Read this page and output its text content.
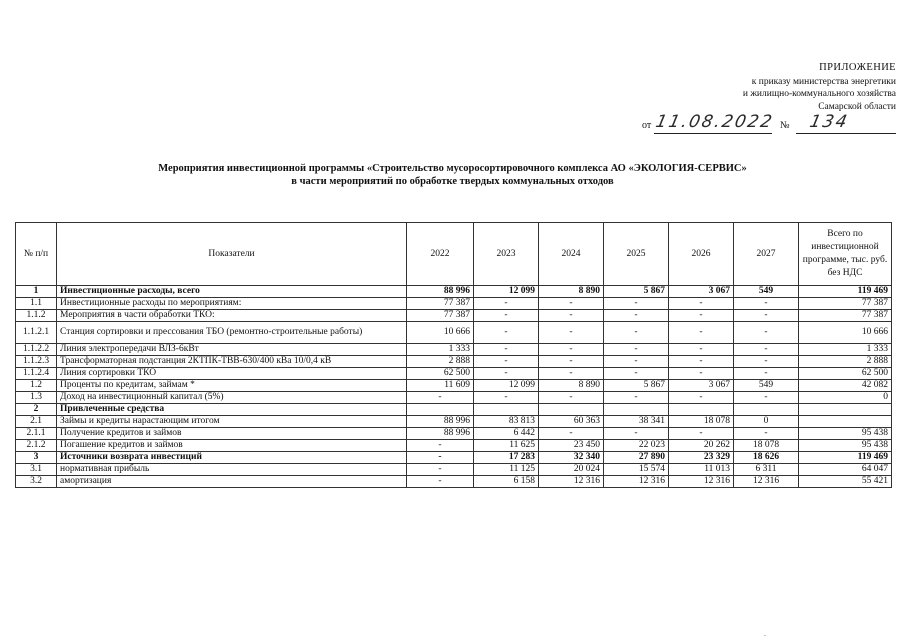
ПРИЛОЖЕНИЕ
к приказу министерства энергетики
и жилищно-коммунального хозяйства
Самарской области
от 11.08.2022 № 134
Мероприятия инвестиционной программы «Строительство мусоросортировочного комплекса АО «ЭКОЛОГИЯ-СЕРВИС»
в части мероприятий по обработке твердых коммунальных отходов
№ п/п	Показатели	2022	2023	2024	2025	2026	2027	Всего по инвестиционной программе, тыс. руб. без НДС
1	Инвестиционные расходы, всего	88 996	12 099	8 890	5 867	3 067	549	119 469
1.1	Инвестиционные расходы по мероприятиям:	77 387	-	-	-	-	-	77 387
1.1.2	Мероприятия в части обработки ТКО:	77 387	-	-	-	-	-	77 387
1.1.2.1	Станция сортировки и прессования ТБО (ремонтно-строительные работы)	10 666	-	-	-	-	-	10 666
1.1.2.2	Линия электропередачи ВЛЗ-6кВт	1 333	-	-	-	-	-	1 333
1.1.2.3	Трансформаторная подстанция 2КТПК-ТВВ-630/400 кВа 10/0,4 кВ	2 888	-	-	-	-	-	2 888
1.1.2.4	Линия сортировки ТКО	62 500	-	-	-	-	-	62 500
1.2	Проценты по кредитам, займам *	11 609	12 099	8 890	5 867	3 067	549	42 082
1.3	Доход на инвестиционный капитал (5%)	-	-	-	-	-	-	0
2	Привлеченные средства							
2.1	Займы и кредиты нарастающим итогом	88 996	83 813	60 363	38 341	18 078	0	
2.1.1	Получение кредитов и займов	88 996	6 442	-	-	-	-	95 438
2.1.2	Погашение кредитов и займов	-	11 625	23 450	22 023	20 262	18 078	95 438
3	Источники возврата инвестиций	-	17 283	32 340	27 890	23 329	18 626	119 469
3.1	нормативная прибыль	-	11 125	20 024	15 574	11 013	6 311	64 047
3.2	амортизация	-	6 158	12 316	12 316	12 316	12 316	55 421
.
